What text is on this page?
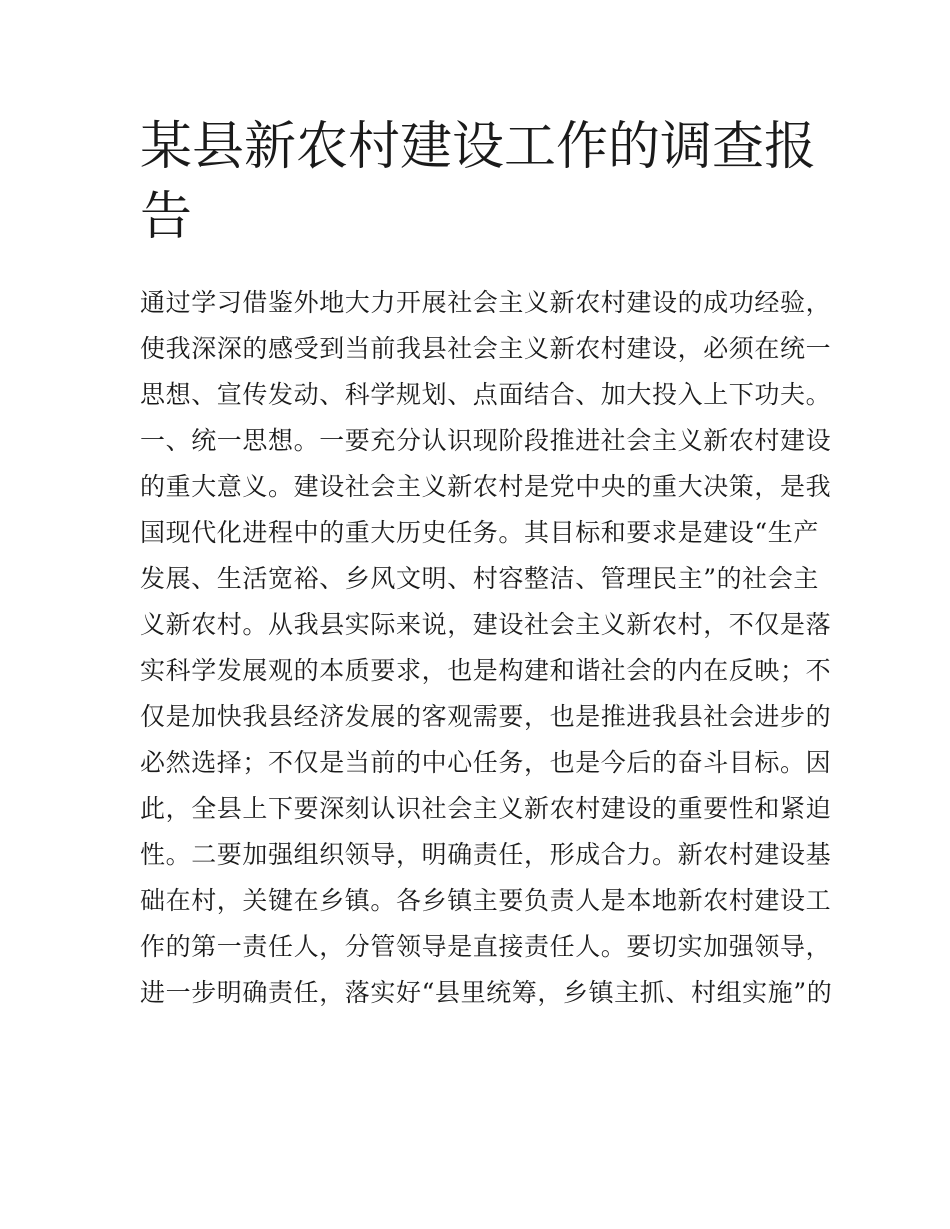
某县新农村建设工作的调查报告
通过学习借鉴外地大力开展社会主义新农村建设的成功经验，
使我深深的感受到当前我县社会主义新农村建设，必须在统一
思想、宣传发动、科学规划、点面结合、加大投入上下功夫。
一、统一思想。一要充分认识现阶段推进社会主义新农村建设
的重大意义。建设社会主义新农村是党中央的重大决策，是我
国现代化进程中的重大历史任务。其目标和要求是建设“生产
发展、生活宽裕、乡风文明、村容整洁、管理民主”的社会主
义新农村。从我县实际来说，建设社会主义新农村，不仅是落
实科学发展观的本质要求，也是构建和谐社会的内在反映；不
仅是加快我县经济发展的客观需要，也是推进我县社会进步的
必然选择；不仅是当前的中心任务，也是今后的奋斗目标。因
此，全县上下要深刻认识社会主义新农村建设的重要性和紧迫
性。二要加强组织领导，明确责任，形成合力。新农村建设基
础在村，关键在乡镇。各乡镇主要负责人是本地新农村建设工
作的第一责任人，分管领导是直接责任人。要切实加强领导，
进一步明确责任，落实好“县里统筹，乡镇主抓、村组实施”的
